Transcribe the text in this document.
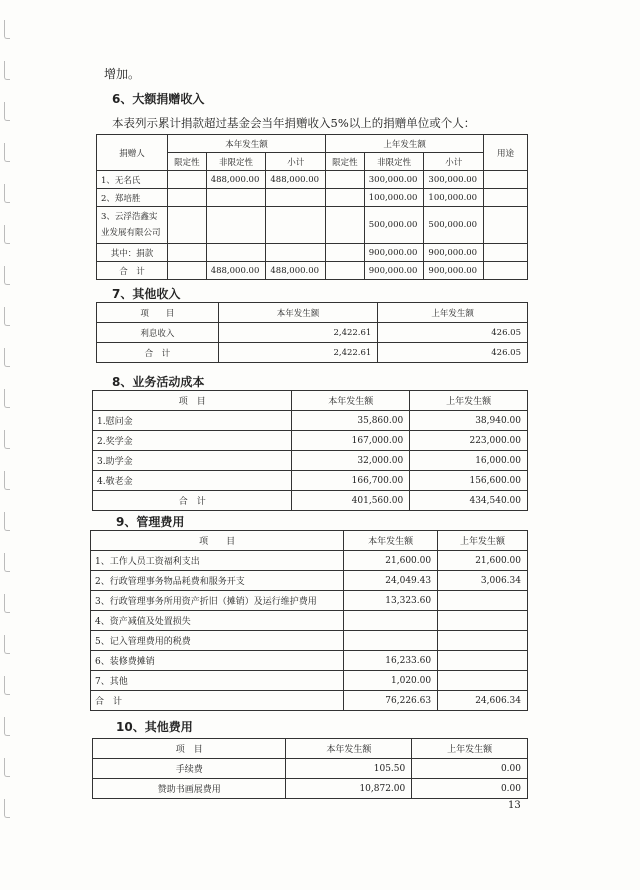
增加。
6、大额捐赠收入
本表列示累计捐款超过基金会当年捐赠收入5%以上的捐赠单位或个人：
捐赠人	本年发生额			上年发生额			用途
	限定性	非限定性	小计	限定性	非限定性	小计	
1、无名氏		488,000.00	488,000.00		300,000.00	300,000.00	
2、郑培胜					100,000.00	100,000.00	
3、云浮浩鑫实业发展有限公司					500,000.00	500,000.00	
其中：捐款					900,000.00	900,000.00	
合　计		488,000.00	488,000.00		900,000.00	900,000.00	
7、其他收入
项　　目	本年发生额	上年发生额
利息收入	2,422.61	426.05
合　计	2,422.61	426.05
8、业务活动成本
项　目	本年发生额	上年发生额
1.慰问金	35,860.00	38,940.00
2.奖学金	167,000.00	223,000.00
3.助学金	32,000.00	16,000.00
4.敬老金	166,700.00	156,600.00
合　计	401,560.00	434,540.00
9、管理费用
项　　目	本年发生额	上年发生额
1、工作人员工资福利支出	21,600.00	21,600.00
2、行政管理事务物品耗费和服务开支	24,049.43	3,006.34
3、行政管理事务所用资产折旧（摊销）及运行维护费用	13,323.60	
4、资产减值及处置损失		
5、记入管理费用的税费		
6、装修费摊销	16,233.60	
7、其他	1,020.00	
合　计	76,226.63	24,606.34
10、其他费用
项　目	本年发生额	上年发生额
手续费	105.50	0.00
赞助书画展费用	10,872.00	0.00
13
